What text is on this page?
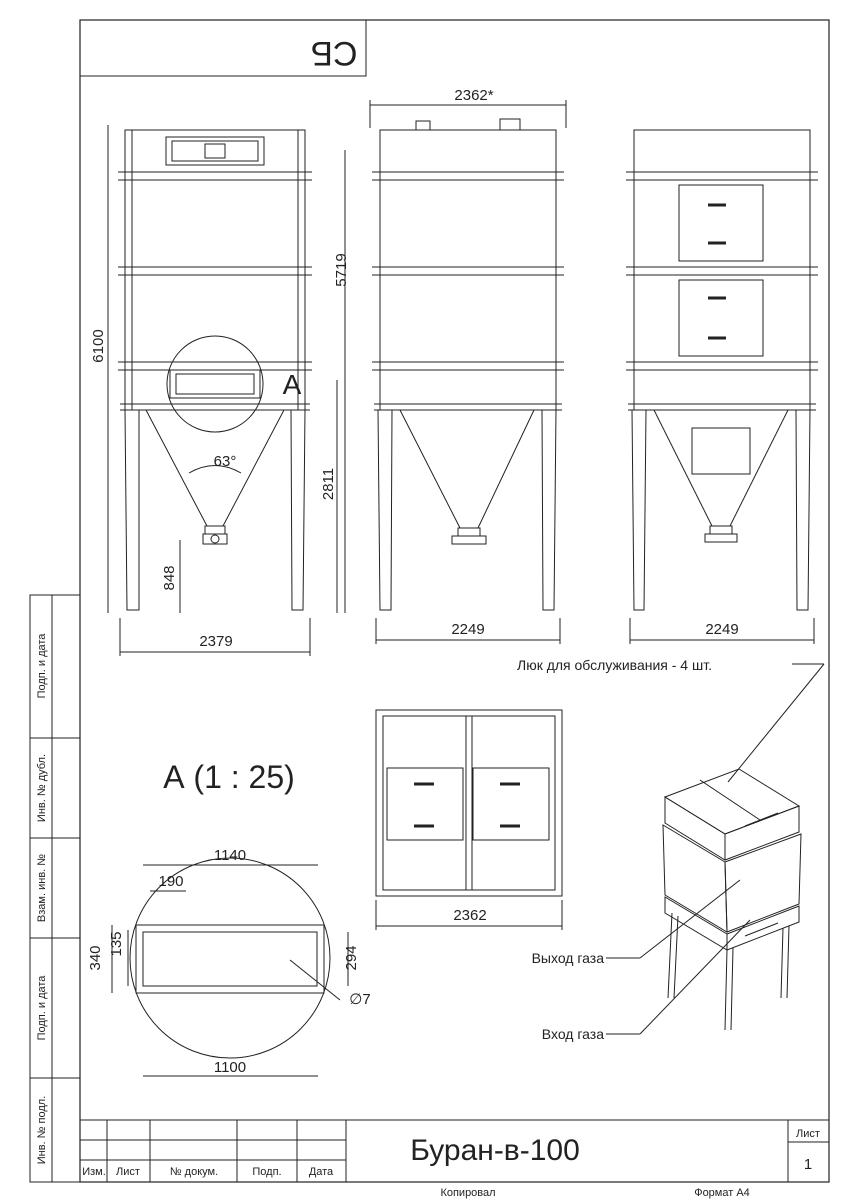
СБ
2362*
6100
5719
2811
848
63°
2379
2249	2249
2362
A
А (1 : 25)
1140
190
340
135
294
∅7
1100
Люк для обслуживания - 4 шт.
Выход газа
Вход газа
Подп. и дата
Инв. № дубл.
Взам. инв. №
Подп. и дата
Инв. № подл.
Изм. Лист	№ докум.	Подп. Дата
Буран-в-100	Лист
1
Копировал	Формат А4
